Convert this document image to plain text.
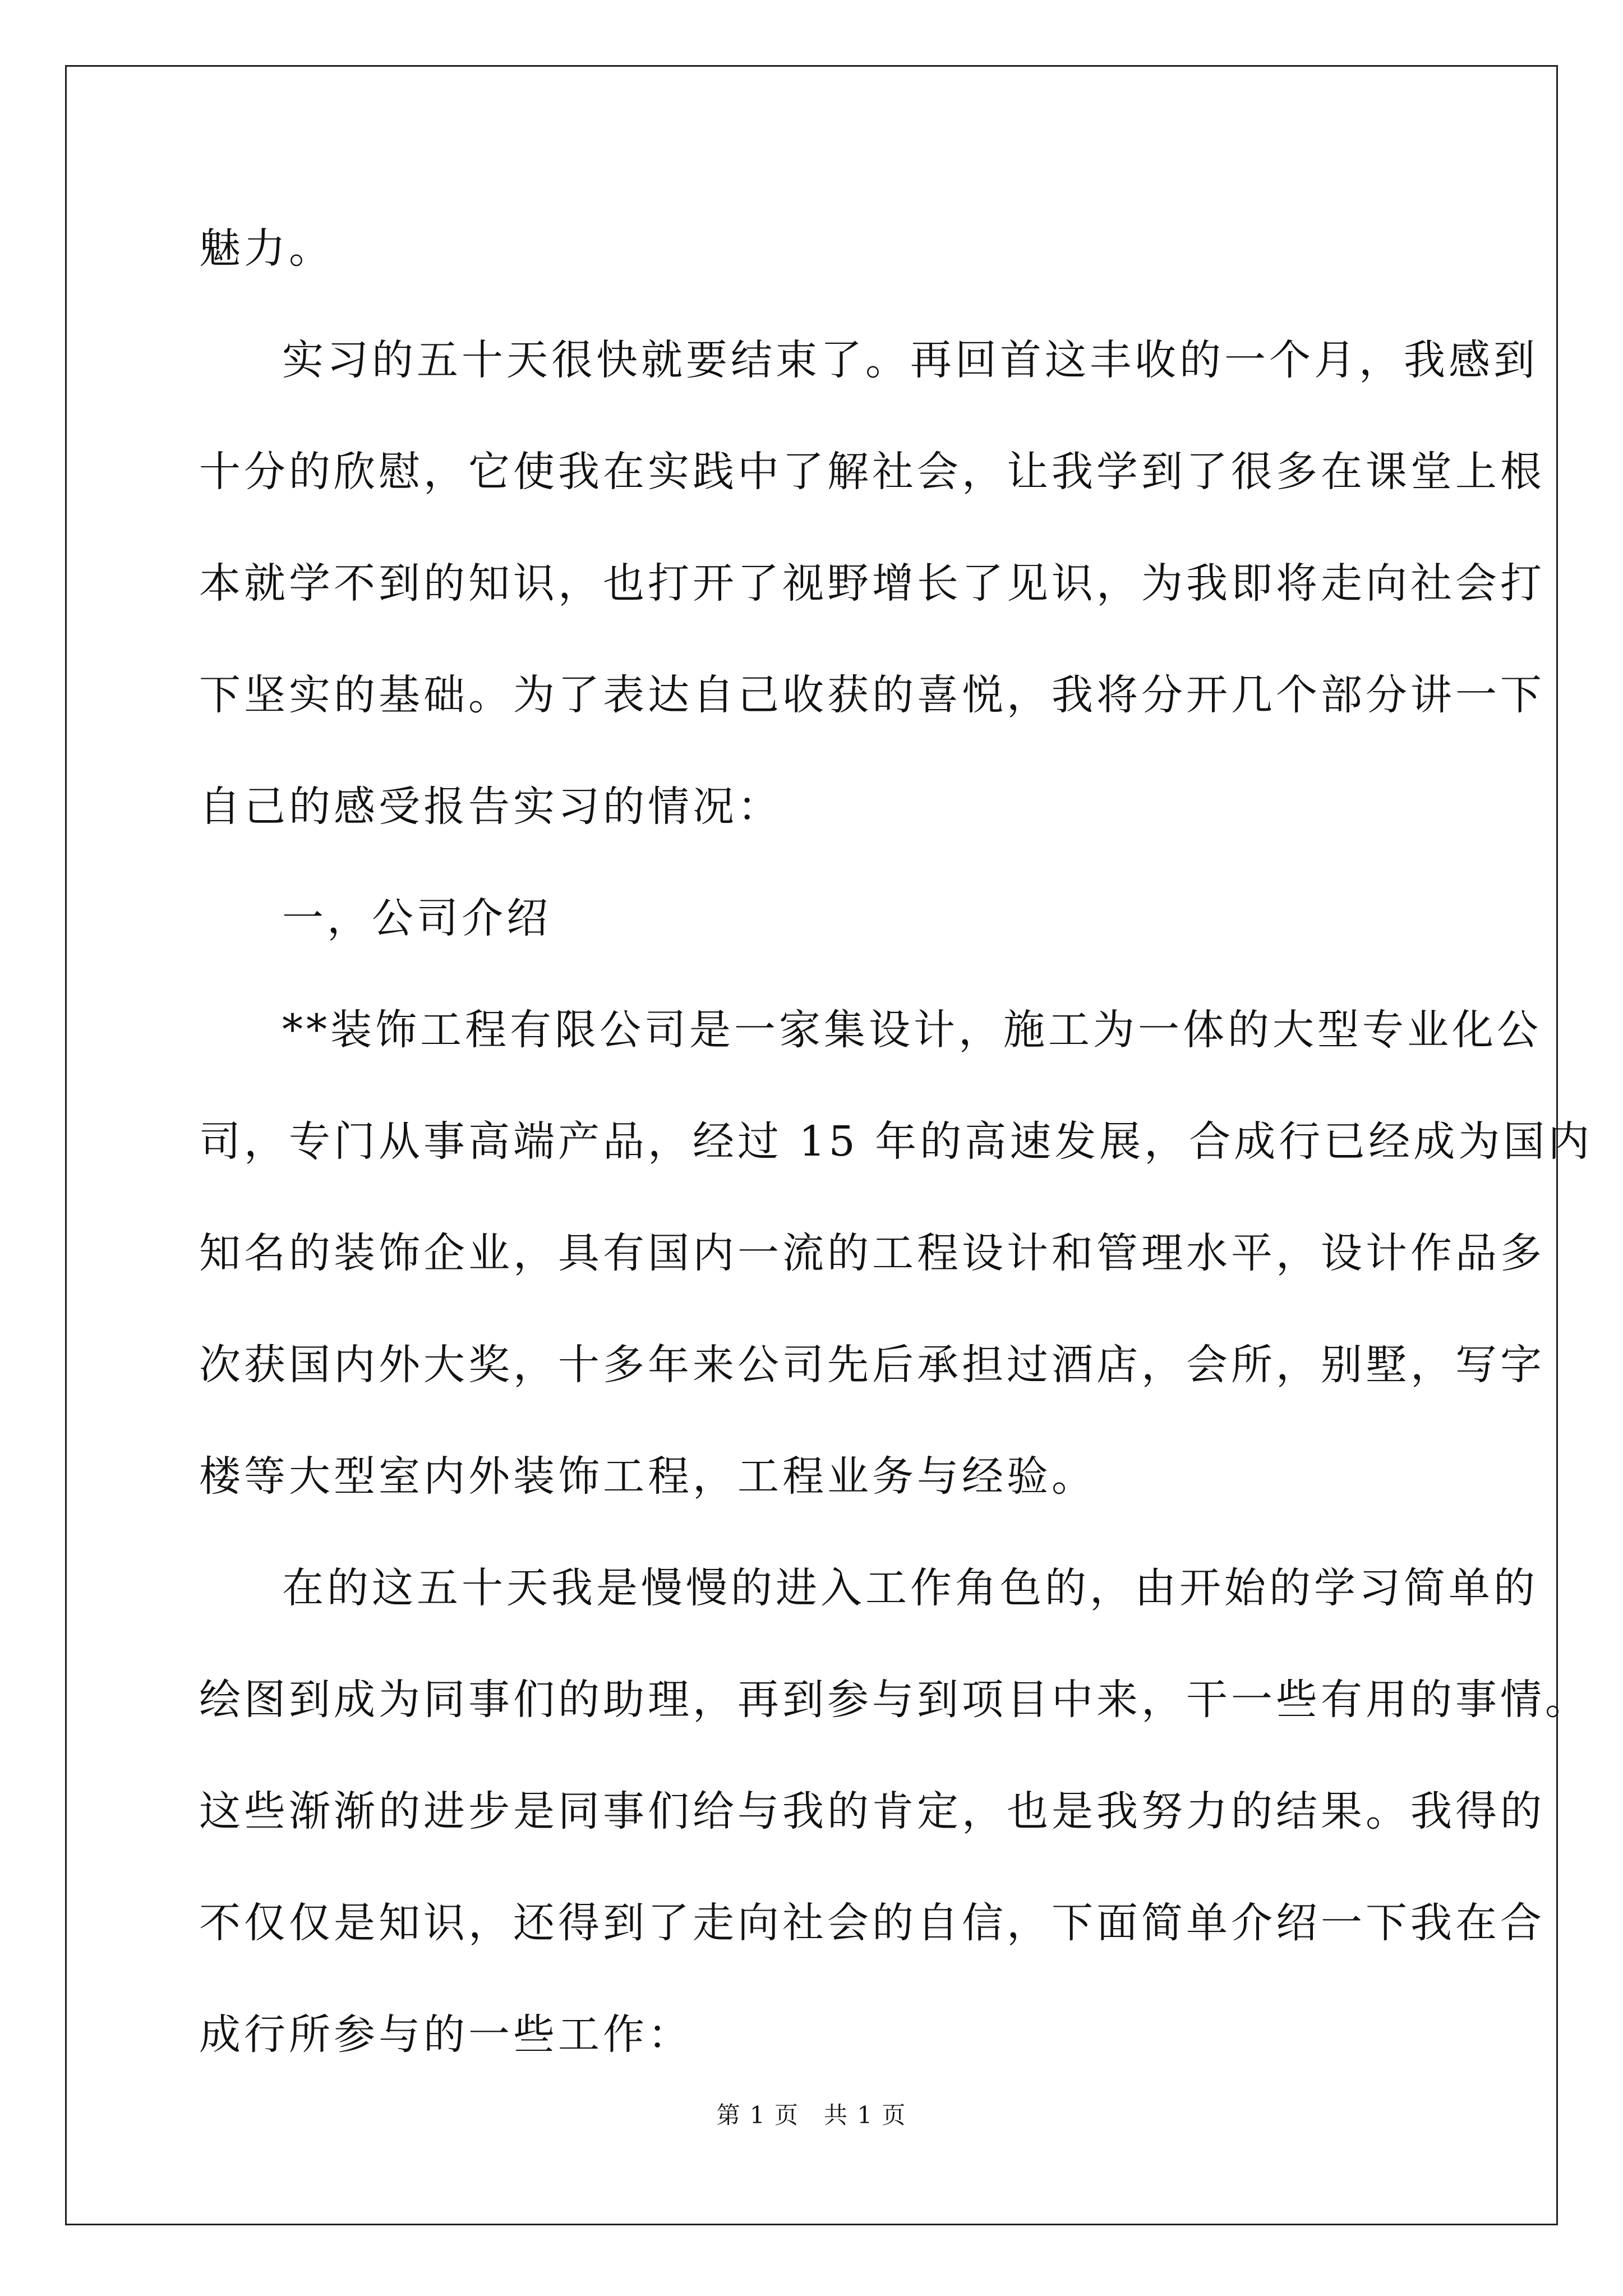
魅力。
实习的五十天很快就要结束了。再回首这丰收的一个月，我感到
十分的欣慰，它使我在实践中了解社会，让我学到了很多在课堂上根
本就学不到的知识，也打开了视野增长了见识，为我即将走向社会打
下坚实的基础。为了表达自己收获的喜悦，我将分开几个部分讲一下
自己的感受报告实习的情况：
一，公司介绍
**装饰工程有限公司是一家集设计，施工为一体的大型专业化公
司，专门从事高端产品，经过 15 年的高速发展，合成行已经成为国内
知名的装饰企业，具有国内一流的工程设计和管理水平，设计作品多
次获国内外大奖，十多年来公司先后承担过酒店，会所，别墅，写字
楼等大型室内外装饰工程，工程业务与经验。
在的这五十天我是慢慢的进入工作角色的，由开始的学习简单的
绘图到成为同事们的助理，再到参与到项目中来，干一些有用的事情。
这些渐渐的进步是同事们给与我的肯定，也是我努力的结果。我得的
不仅仅是知识，还得到了走向社会的自信，下面简单介绍一下我在合
成行所参与的一些工作：
第 1 页　共 1 页
